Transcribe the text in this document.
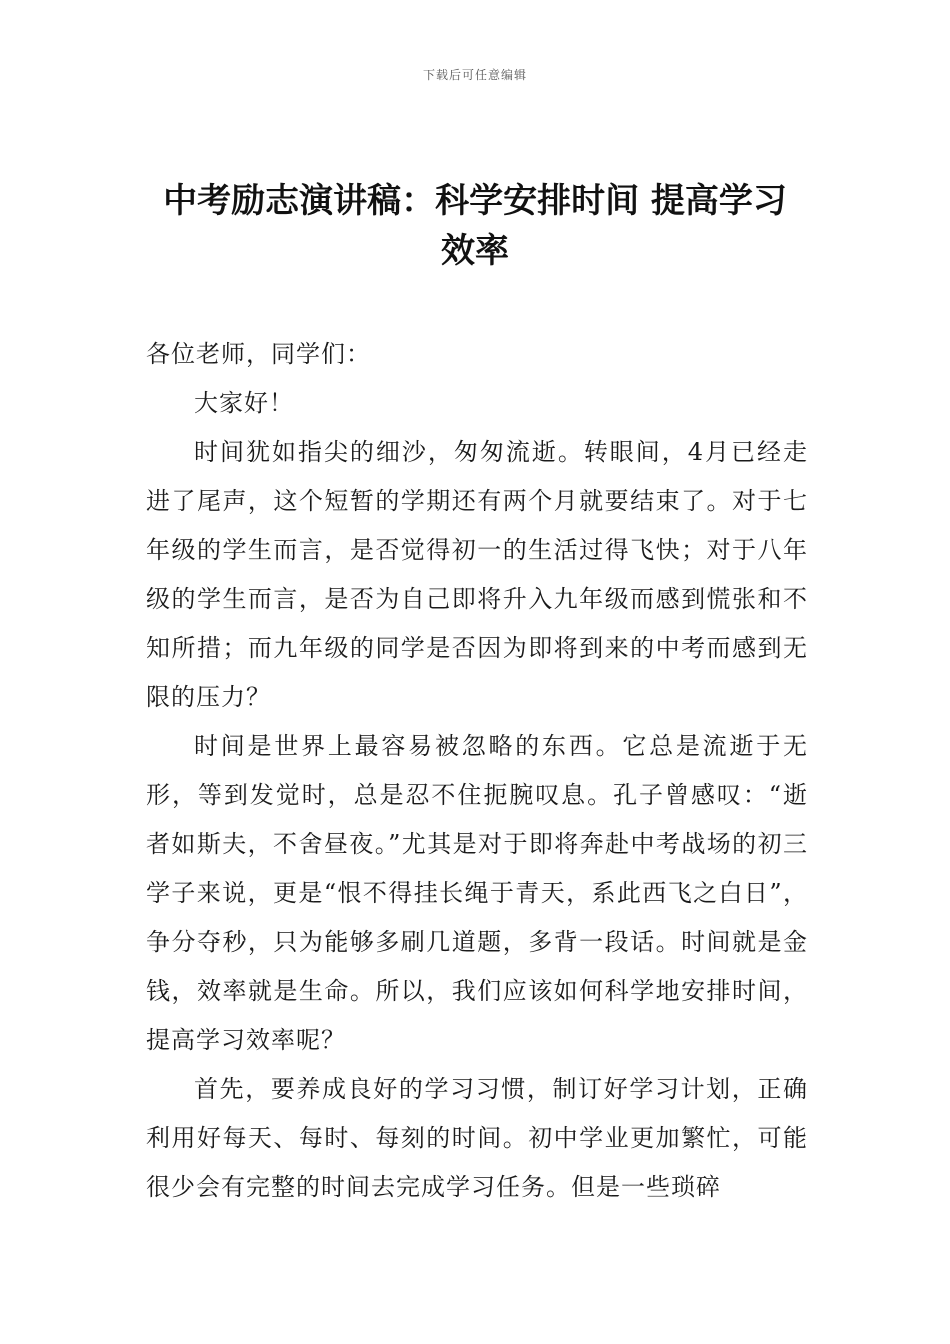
下载后可任意编辑
中考励志演讲稿：科学安排时间 提高学习
效率

各位老师，同学们：

大家好！

时间犹如指尖的细沙，匆匆流逝。转眼间，4月已经走进了尾声，这个短暂的学期还有两个月就要结束了。对于七年级的学生而言，是否觉得初一的生活过得飞快；对于八年级的学生而言，是否为自己即将升入九年级而感到慌张和不知所措；而九年级的同学是否因为即将到来的中考而感到无限的压力？

时间是世界上最容易被忽略的东西。它总是流逝于无形，等到发觉时，总是忍不住扼腕叹息。孔子曾感叹：“逝者如斯夫，不舍昼夜。”尤其是对于即将奔赴中考战场的初三学子来说，更是“恨不得挂长绳于青天，系此西飞之白日”，争分夺秒，只为能够多刷几道题，多背一段话。时间就是金钱，效率就是生命。所以，我们应该如何科学地安排时间，提高学习效率呢？

首先，要养成良好的学习习惯，制订好学习计划，正确利用好每天、每时、每刻的时间。初中学业更加繁忙，可能很少会有完整的时间去完成学习任务。但是一些琐碎
